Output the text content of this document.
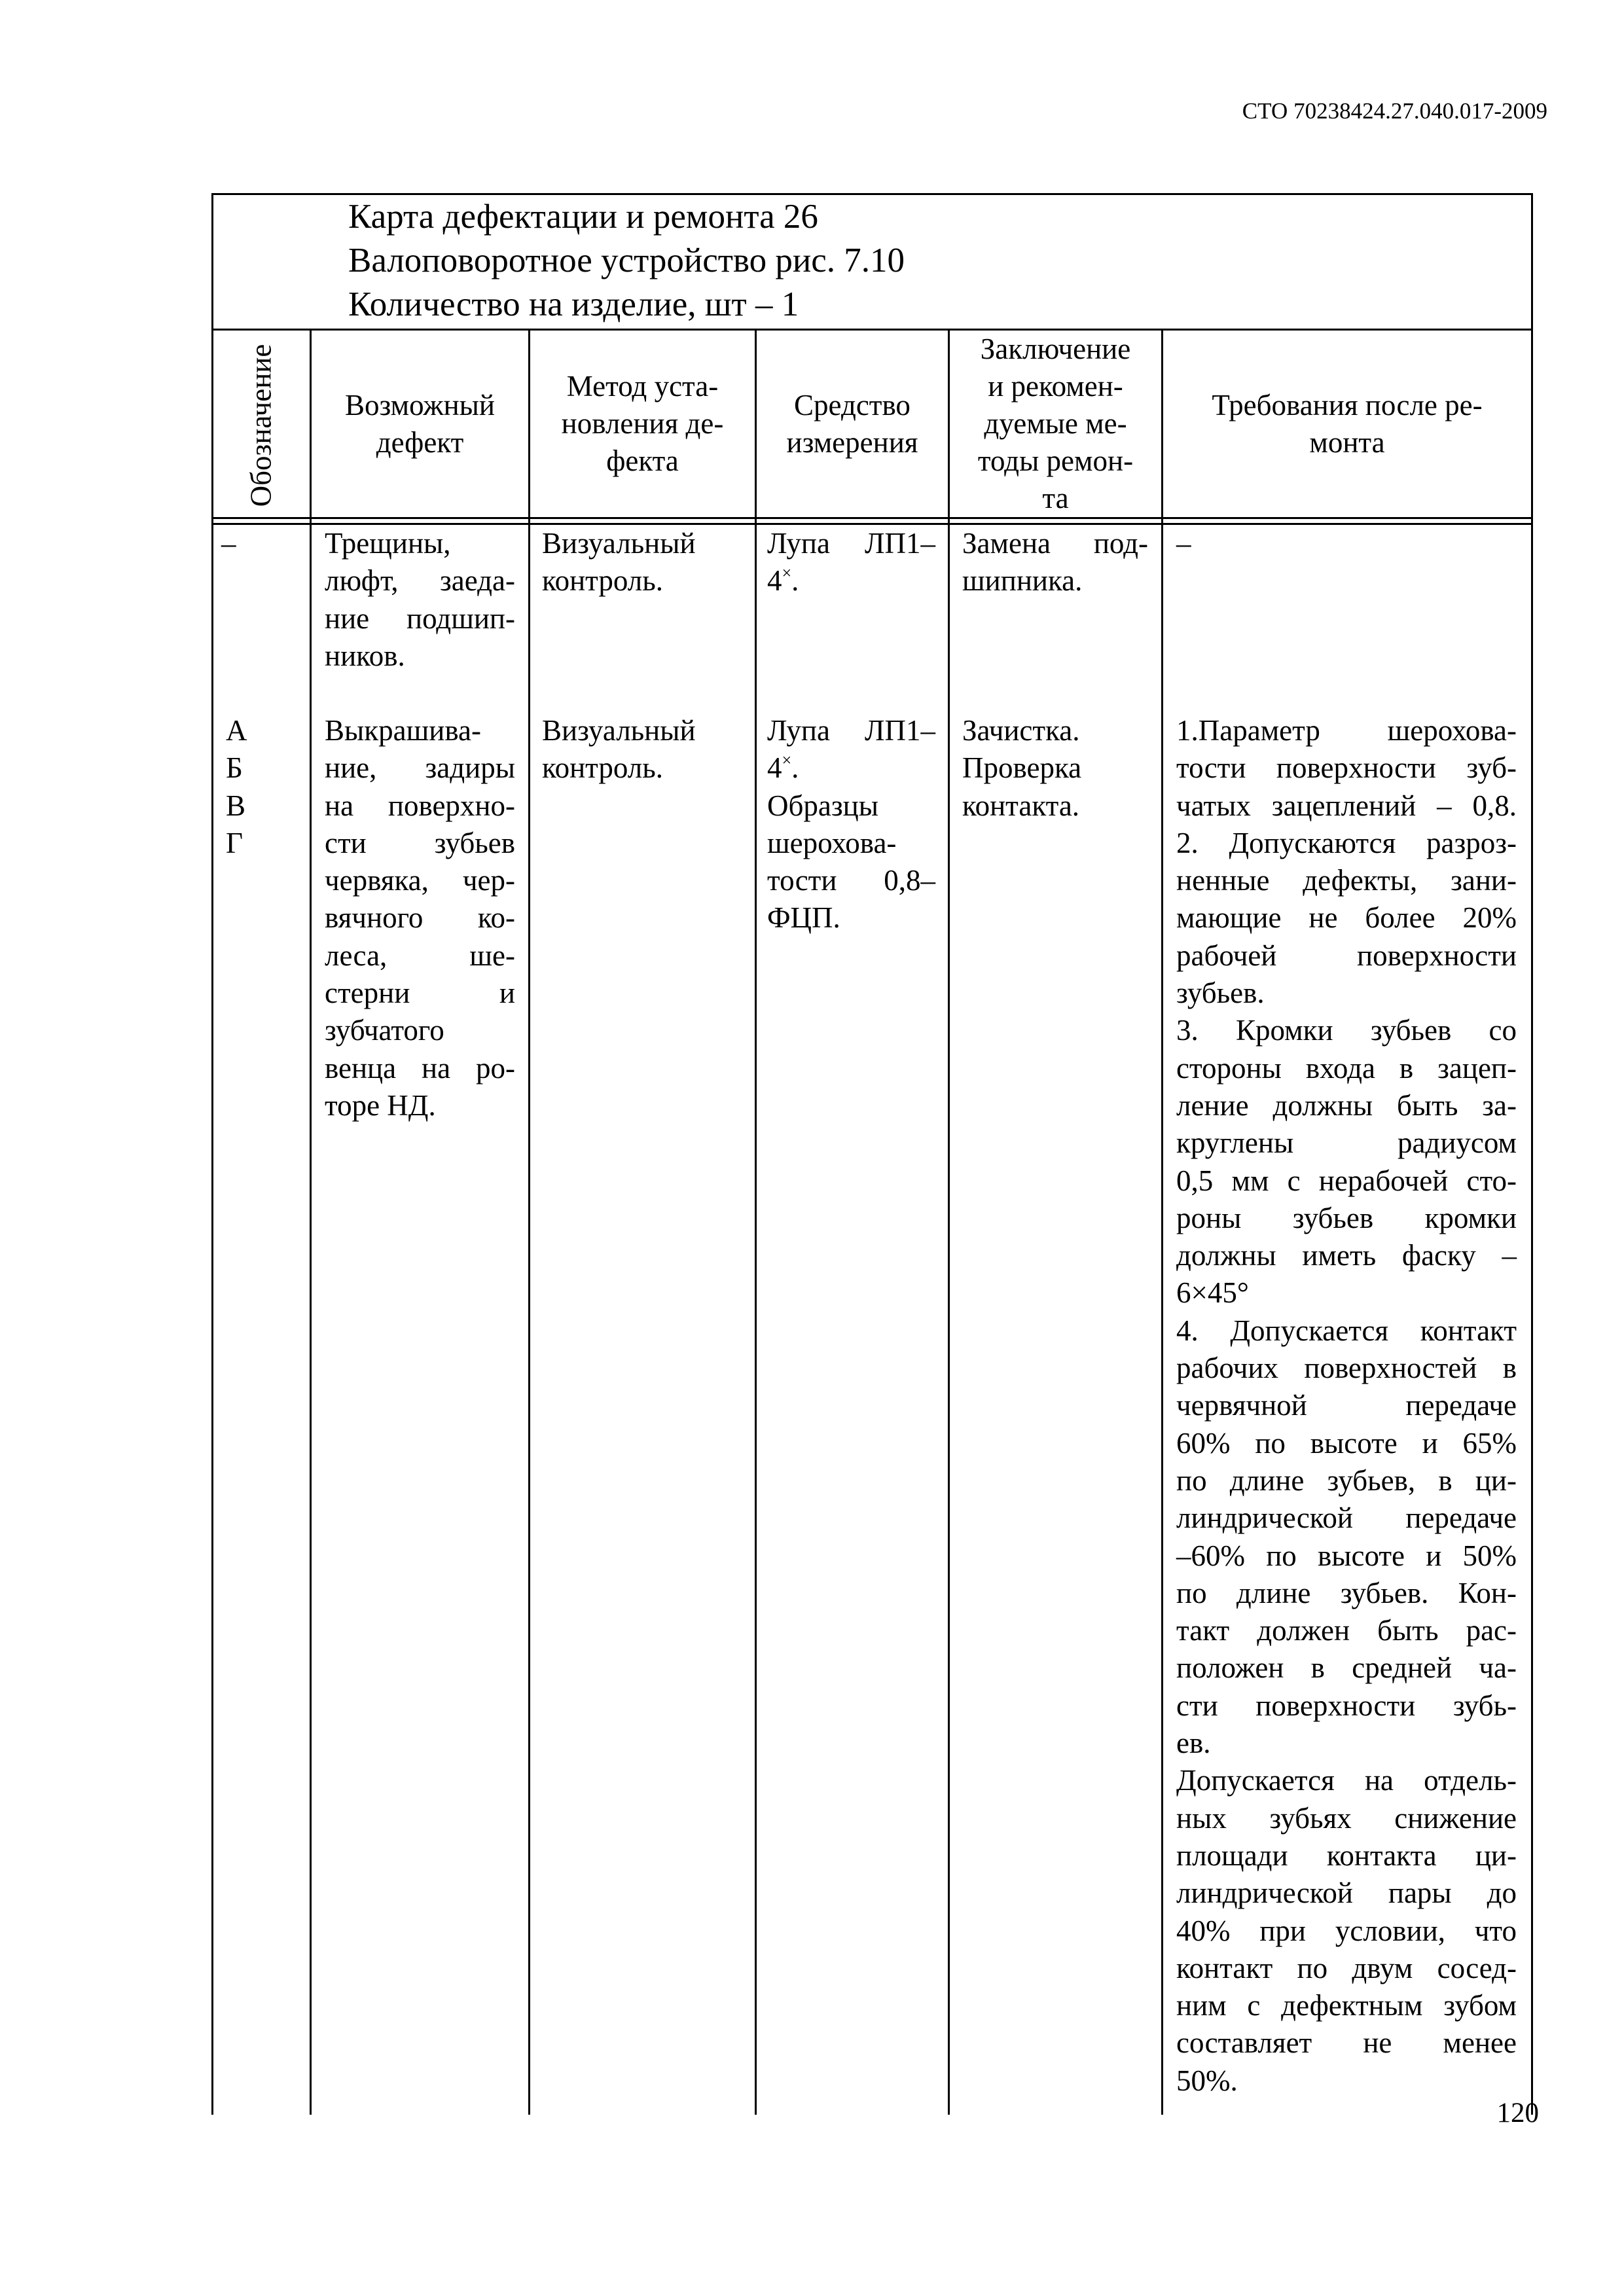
СТО 70238424.27.040.017-2009
Карта дефектации и ремонта 26
Валоповоротное устройство рис. 7.10
Количество на изделие, шт – 1
Обозначение Возможный
дефект
Метод уста-
новления де-
фекта
Средство
измерения
Заключение
и рекомен-
дуемые ме-
тоды ремон-
та
Требования после ре-
монта
–	Трещины,
люфт, заеда-
ние подшип-
ников.
Визуальный
контроль.
Лупа ЛП1–
4×.
Замена под-
шипника.
–
А
Б
В
Г
Выкрашива-
ние, задиры
на поверхно-
сти зубьев
червяка, чер-
вячного ко-
леса, ше-
стерни и
зубчатого
венца на ро-
торе НД.
Визуальный
контроль.
Лупа ЛП1–
4×.
Образцы
шерохова-
тости 0,8–
ФЦП.
Зачистка.
Проверка
контакта.
1.Параметр шерохова-
тости поверхности зуб-
чатых зацеплений – 0,8.
2. Допускаются разроз-
ненные дефекты, зани-
мающие не более 20%
рабочей поверхности
зубьев.
3. Кромки зубьев со
стороны входа в зацеп-
ление должны быть за-
круглены радиусом
0,5 мм с нерабочей сто-
роны зубьев кромки
должны иметь фаску –
6×45°
4. Допускается контакт
рабочих поверхностей в
червячной передаче
60% по высоте и 65%
по длине зубьев, в ци-
линдрической передаче
–60% по высоте и 50%
по длине зубьев. Кон-
такт должен быть рас-
положен в средней ча-
сти поверхности зубь-
ев.
Допускается на отдель-
ных зубьях снижение
площади контакта ци-
линдрической пары до
40% при условии, что
контакт по двум сосед-
ним с дефектным зубом
составляет не менее
50%.
120
